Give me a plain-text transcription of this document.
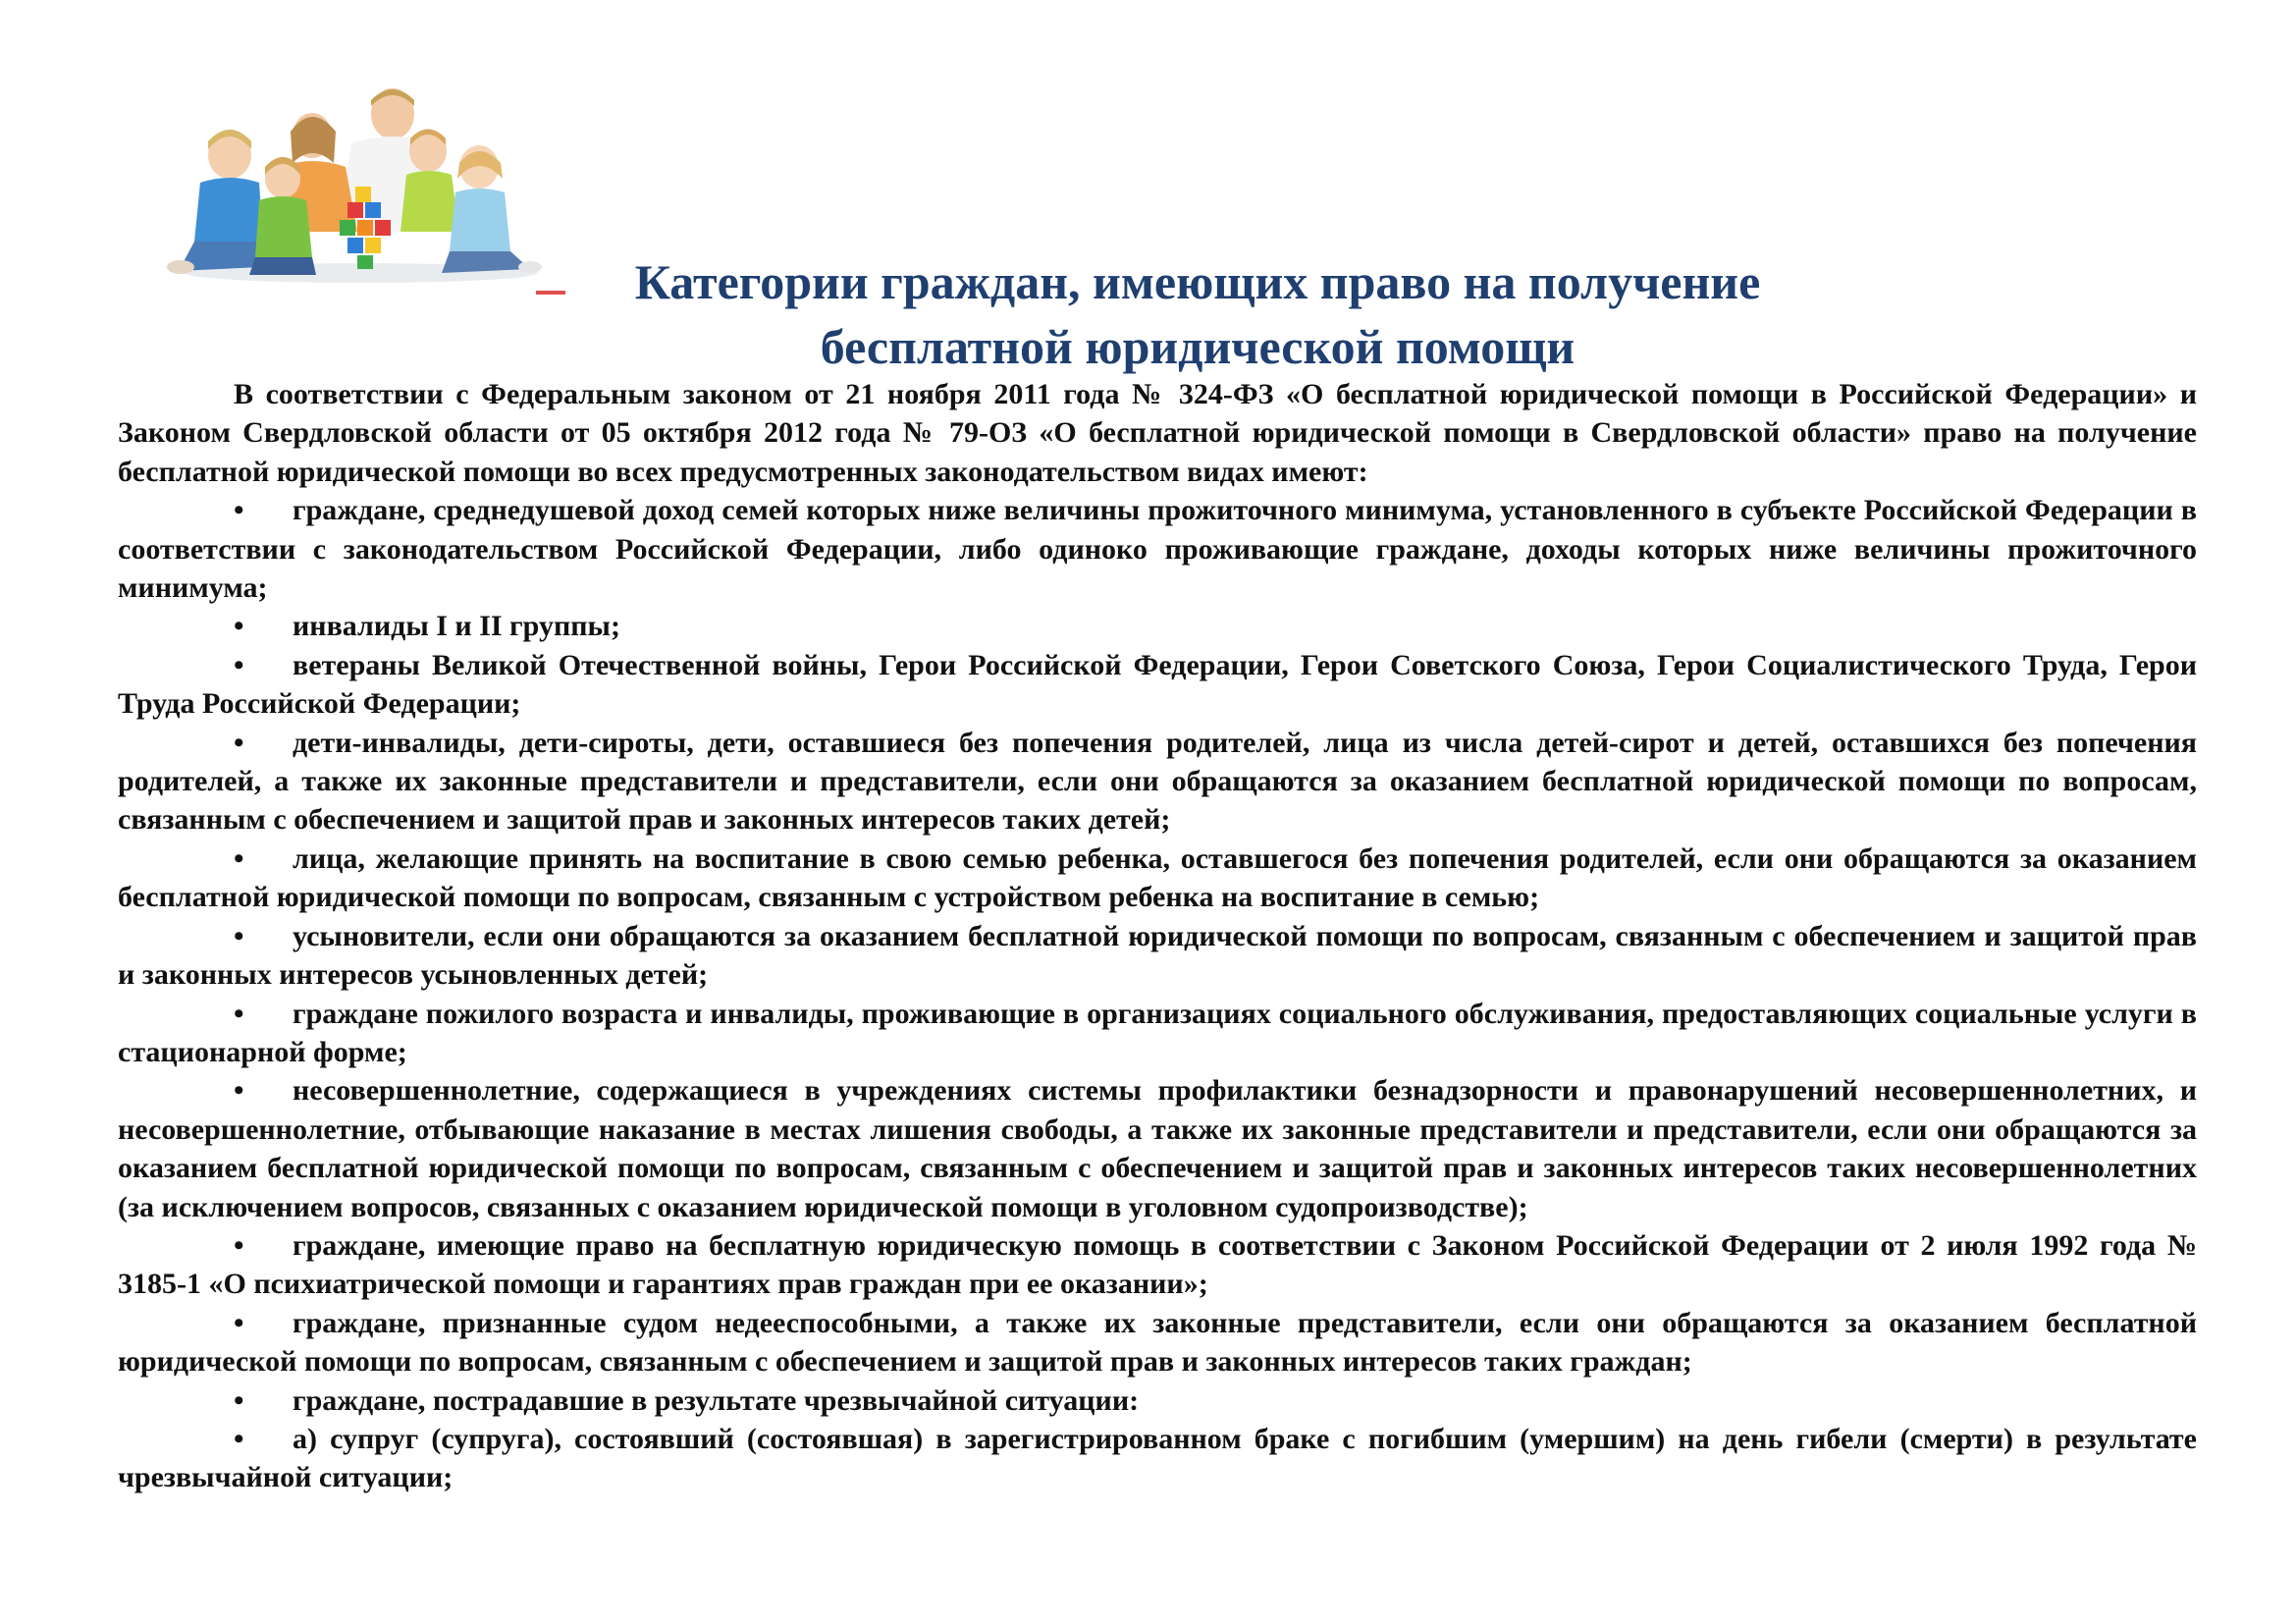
Категории граждан, имеющих право на получение
бесплатной юридической помощи

В соответствии с Федеральным законом от 21 ноября 2011 года № 324-ФЗ «О бесплатной юридической помощи в Российской Федерации» и Законом Свердловской области от 05 октября 2012 года № 79-ОЗ «О бесплатной юридической помощи в Свердловской области» право на получение бесплатной юридической помощи во всех предусмотренных законодательством видах имеют:

• граждане, среднедушевой доход семей которых ниже величины прожиточного минимума, установленного в субъекте Российской Федерации в соответствии с законодательством Российской Федерации, либо одиноко проживающие граждане, доходы которых ниже величины прожиточного минимума;

• инвалиды I и II группы;

• ветераны Великой Отечественной войны, Герои Российской Федерации, Герои Советского Союза, Герои Социалистического Труда, Герои Труда Российской Федерации;

• дети-инвалиды, дети-сироты, дети, оставшиеся без попечения родителей, лица из числа детей-сирот и детей, оставшихся без попечения родителей, а также их законные представители и представители, если они обращаются за оказанием бесплатной юридической помощи по вопросам, связанным с обеспечением и защитой прав и законных интересов таких детей;

• лица, желающие принять на воспитание в свою семью ребенка, оставшегося без попечения родителей, если они обращаются за оказанием бесплатной юридической помощи по вопросам, связанным с устройством ребенка на воспитание в семью;

• усыновители, если они обращаются за оказанием бесплатной юридической помощи по вопросам, связанным с обеспечением и защитой прав и законных интересов усыновленных детей;

• граждане пожилого возраста и инвалиды, проживающие в организациях социального обслуживания, предоставляющих социальные услуги в стационарной форме;

• несовершеннолетние, содержащиеся в учреждениях системы профилактики безнадзорности и правонарушений несовершеннолетних, и несовершеннолетние, отбывающие наказание в местах лишения свободы, а также их законные представители и представители, если они обращаются за оказанием бесплатной юридической помощи по вопросам, связанным с обеспечением и защитой прав и законных интересов таких несовершеннолетних (за исключением вопросов, связанных с оказанием юридической помощи в уголовном судопроизводстве);

• граждане, имеющие право на бесплатную юридическую помощь в соответствии с Законом Российской Федерации от 2 июля 1992 года № 3185-1 «О психиатрической помощи и гарантиях прав граждан при ее оказании»;

• граждане, признанные судом недееспособными, а также их законные представители, если они обращаются за оказанием бесплатной юридической помощи по вопросам, связанным с обеспечением и защитой прав и законных интересов таких граждан;

• граждане, пострадавшие в результате чрезвычайной ситуации:

• а) супруг (супруга), состоявший (состоявшая) в зарегистрированном браке с погибшим (умершим) на день гибели (смерти) в результате чрезвычайной ситуации;
